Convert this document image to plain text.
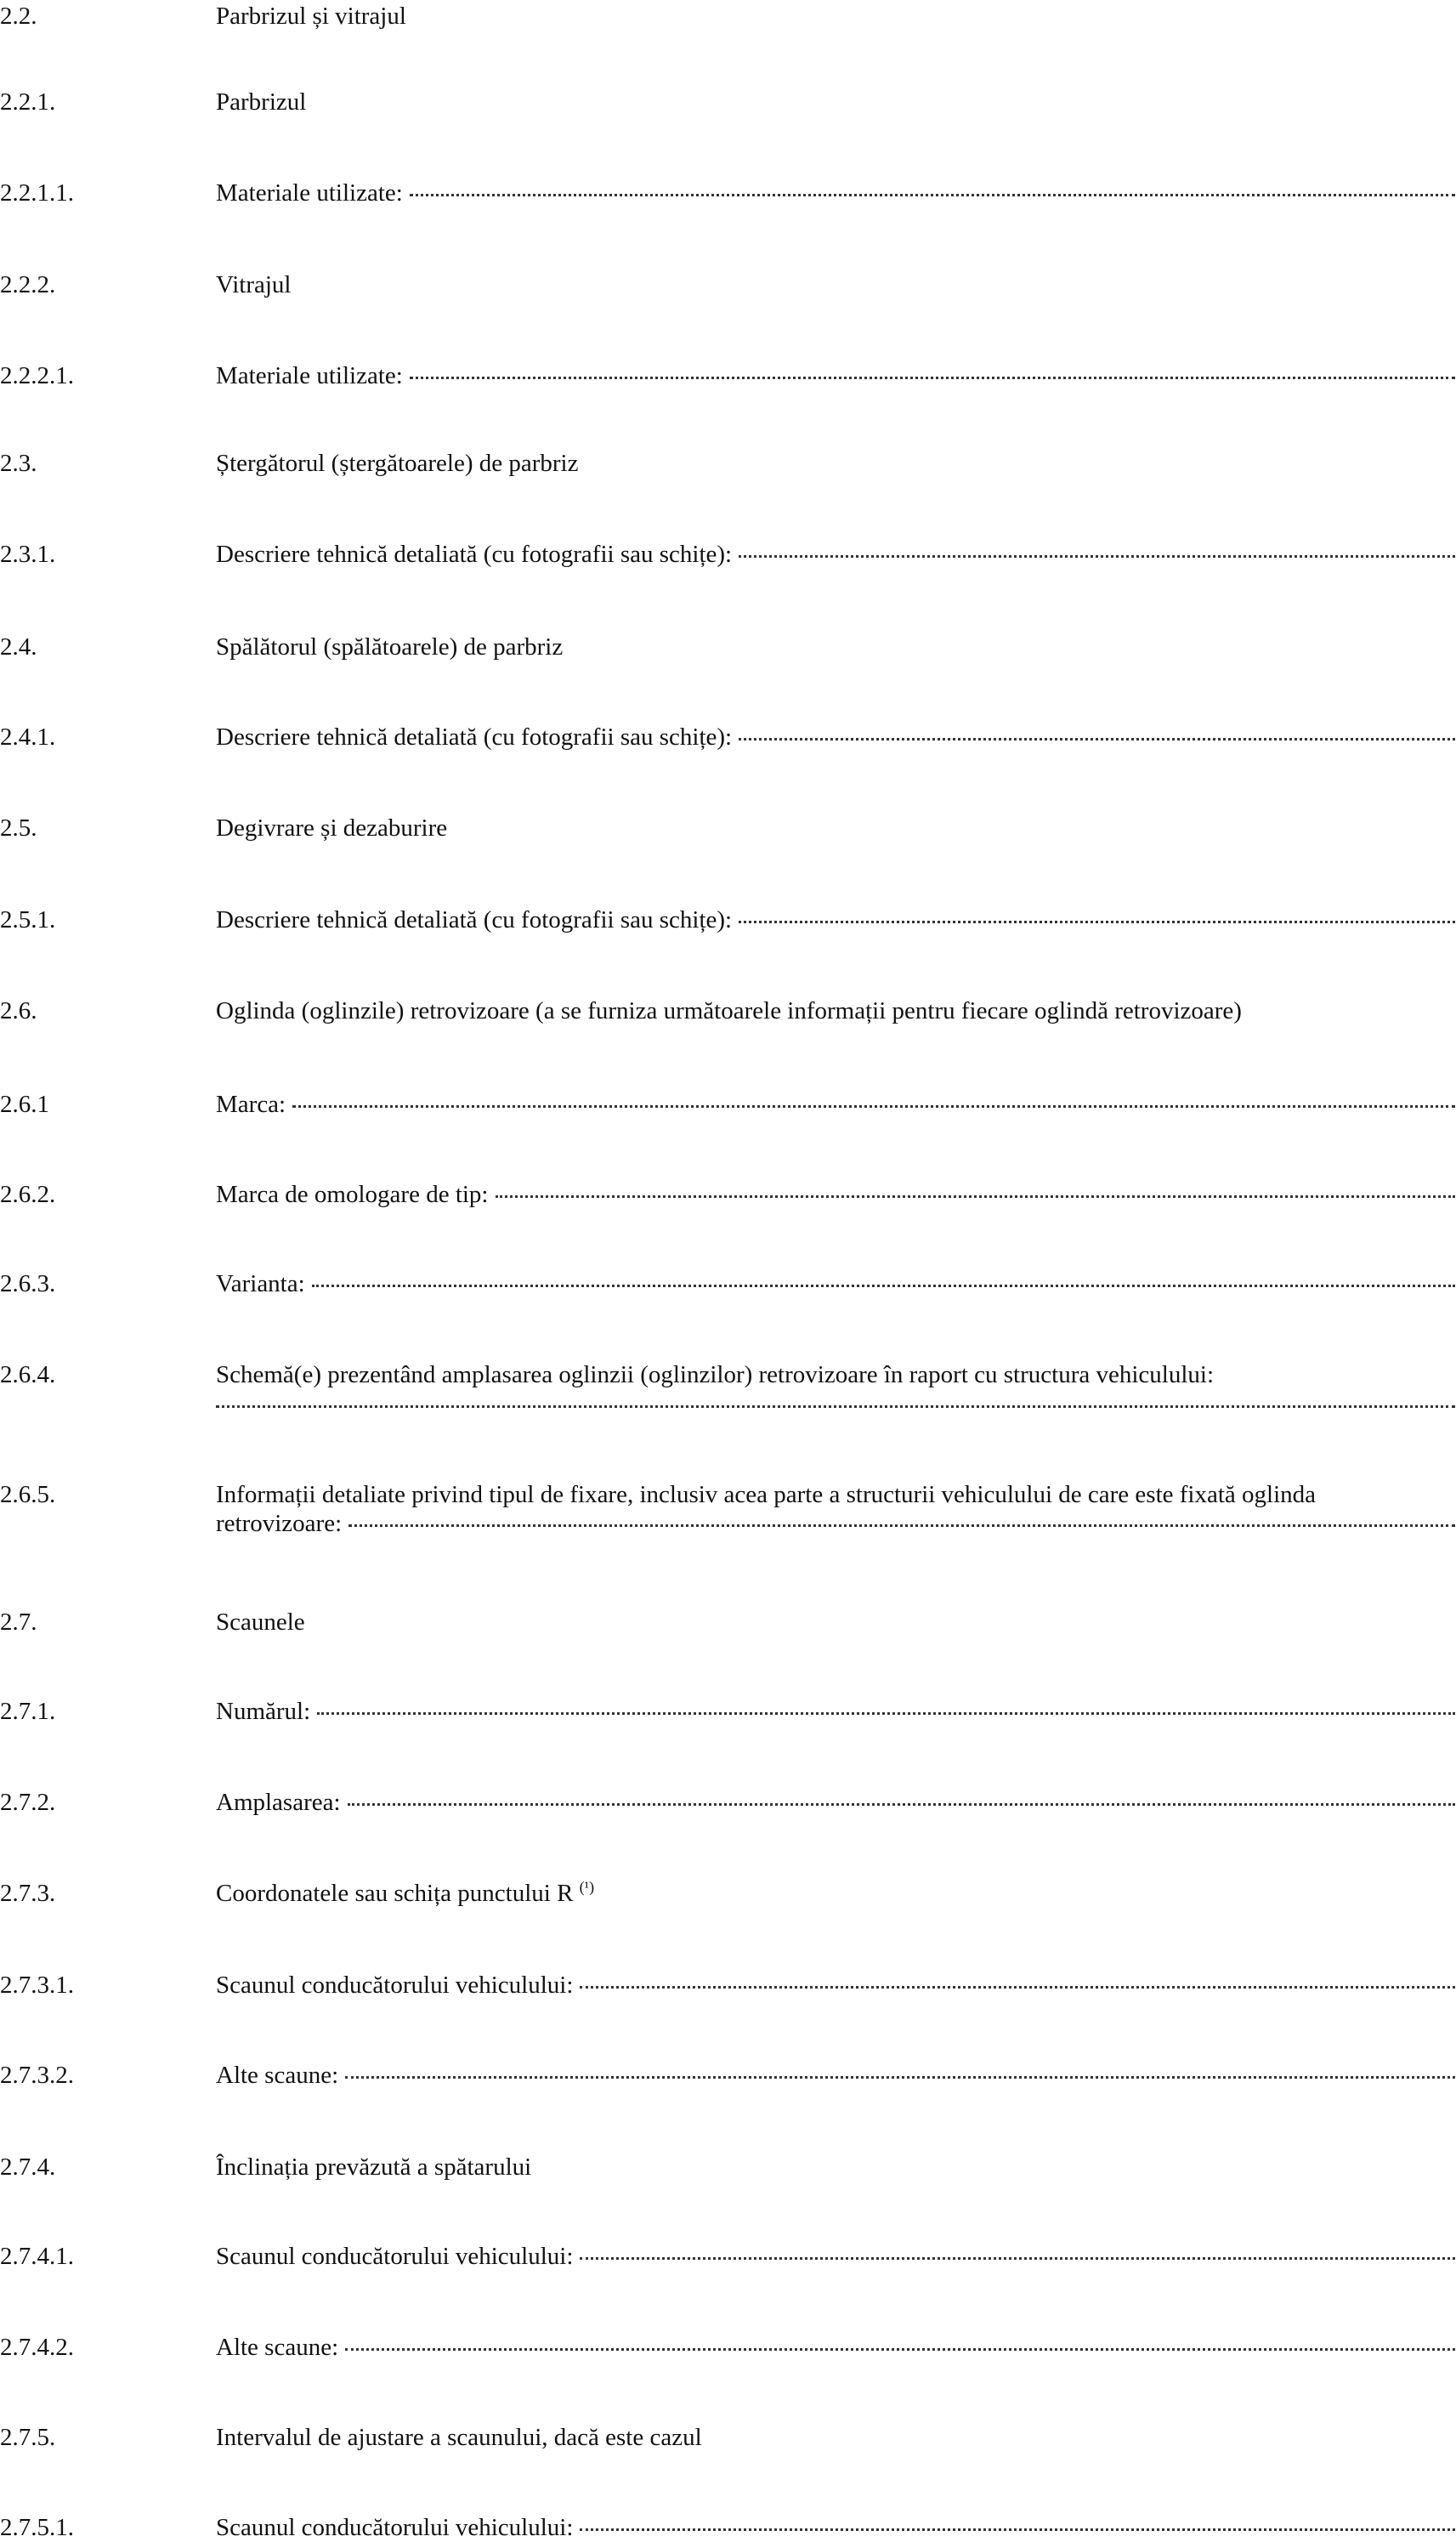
2.2.	Parbrizul și vitrajul
2.2.1.	Parbrizul
2.2.1.1.	Materiale utilizate:
2.2.2.	Vitrajul
2.2.2.1.	Materiale utilizate:
2.3.	Ștergătorul (ștergătoarele) de parbriz
2.3.1.	Descriere tehnică detaliată (cu fotografii sau schițe):
2.4.	Spălătorul (spălătoarele) de parbriz
2.4.1.	Descriere tehnică detaliată (cu fotografii sau schițe):
2.5.	Degivrare și dezaburire
2.5.1.	Descriere tehnică detaliată (cu fotografii sau schițe):
2.6.	Oglinda (oglinzile) retrovizoare (a se furniza următoarele informații pentru fiecare oglindă retrovizoare)
2.6.1	Marca:
2.6.2.	Marca de omologare de tip:
2.6.3.	Varianta:
2.6.4.	Schemă(e) prezentând amplasarea oglinzii (oglinzilor) retrovizoare în raport cu structura vehiculului:
2.6.5.	Informații detaliate privind tipul de fixare, inclusiv acea parte a structurii vehiculului de care este fixată oglinda
retrovizoare:
2.7.	Scaunele
2.7.1.	Numărul:
2.7.2.	Amplasarea:
2.7.3.	Coordonatele sau schița punctului R $^{(^1)}$
2.7.3.1.	Scaunul conducătorului vehiculului:
2.7.3.2.	Alte scaune:
2.7.4.	Înclinația prevăzută a spătarului
2.7.4.1.	Scaunul conducătorului vehiculului:
2.7.4.2.	Alte scaune:
2.7.5.	Intervalul de ajustare a scaunului, dacă este cazul
2.7.5.1.	Scaunul conducătorului vehiculului:
